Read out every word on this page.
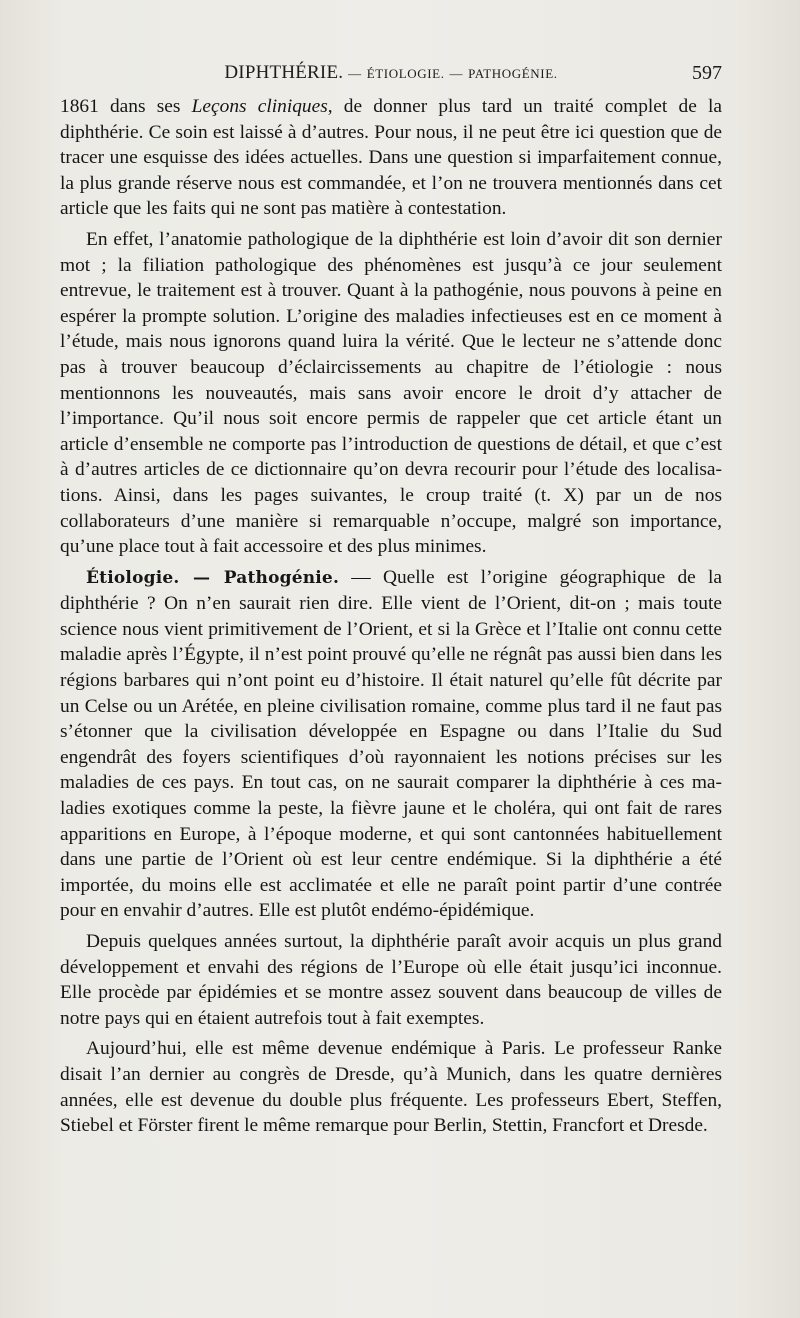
DIPHTHÉRIE. — ÉTIOLOGIE. — PATHOGÉNIE.	597

1861 dans ses Leçons cliniques, de donner plus tard un traité complet de la diphthérie. Ce soin est laissé à d’autres. Pour nous, il ne peut être ici question que de tracer une esquisse des idées actuelles. Dans une question si imparfaitement connue, la plus grande réserve nous est commandée, et l’on ne trouvera mentionnés dans cet article que les faits qui ne sont pas matière à contestation.

En effet, l’anatomie pathologique de la diphthérie est loin d’avoir dit son dernier mot ; la filiation pathologique des phénomènes est jusqu’à ce jour seulement entrevue, le traitement est à trouver. Quant à la pathogénie, nous pouvons à peine en espérer la prompte solution. L’origine des maladies infectieuses est en ce moment à l’étude, mais nous ignorons quand luira la vérité. Que le lecteur ne s’attende donc pas à trouver beaucoup d’éclaircissements au chapitre de l’étiologie : nous mentionnons les nouveautés, mais sans avoir encore le droit d’y attacher de l’importance. Qu’il nous soit encore permis de rappeler que cet article étant un article d’ensemble ne comporte pas l’introduction de questions de détail, et que c’est à d’autres articles de ce dictionnaire qu’on devra recourir pour l’étude des localisations. Ainsi, dans les pages suivantes, le croup traité (t. X) par un de nos collaborateurs d’une manière si remarquable n’occupe, malgré son importance, qu’une place tout à fait accessoire et des plus minimes.

Étiologie. — Pathogénie. — Quelle est l’origine géographique de la diphthérie ? On n’en saurait rien dire. Elle vient de l’Orient, dit-on ; mais toute science nous vient primitivement de l’Orient, et si la Grèce et l’Italie ont connu cette maladie après l’Égypte, il n’est point prouvé qu’elle ne régnât pas aussi bien dans les régions barbares qui n’ont point eu d’histoire. Il était naturel qu’elle fût décrite par un Celse ou un Arétée, en pleine civilisation romaine, comme plus tard il ne faut pas s’étonner que la civilisation développée en Espagne ou dans l’Italie du Sud engendrât des foyers scientifiques d’où rayonnaient les notions précises sur les maladies de ces pays. En tout cas, on ne saurait comparer la diphthérie à ces maladies exotiques comme la peste, la fièvre jaune et le choléra, qui ont fait de rares apparitions en Europe, à l’époque moderne, et qui sont cantonnées habituellement dans une partie de l’Orient où est leur centre endémique. Si la diphthérie a été importée, du moins elle est acclimatée et elle ne paraît point partir d’une contrée pour en envahir d’autres. Elle est plutôt endémo-épidémique.

Depuis quelques années surtout, la diphthérie paraît avoir acquis un plus grand développement et envahi des régions de l’Europe où elle était jusqu’ici inconnue. Elle procède par épidémies et se montre assez souvent dans beaucoup de villes de notre pays qui en étaient autrefois tout à fait exemptes.

Aujourd’hui, elle est même devenue endémique à Paris. Le professeur Ranke disait l’an dernier au congrès de Dresde, qu’à Munich, dans les quatre dernières années, elle est devenue du double plus fréquente. Les professeurs Ebert, Steffen, Stiebel et Förster firent le même remarque pour Berlin, Stettin, Francfort et Dresde.
